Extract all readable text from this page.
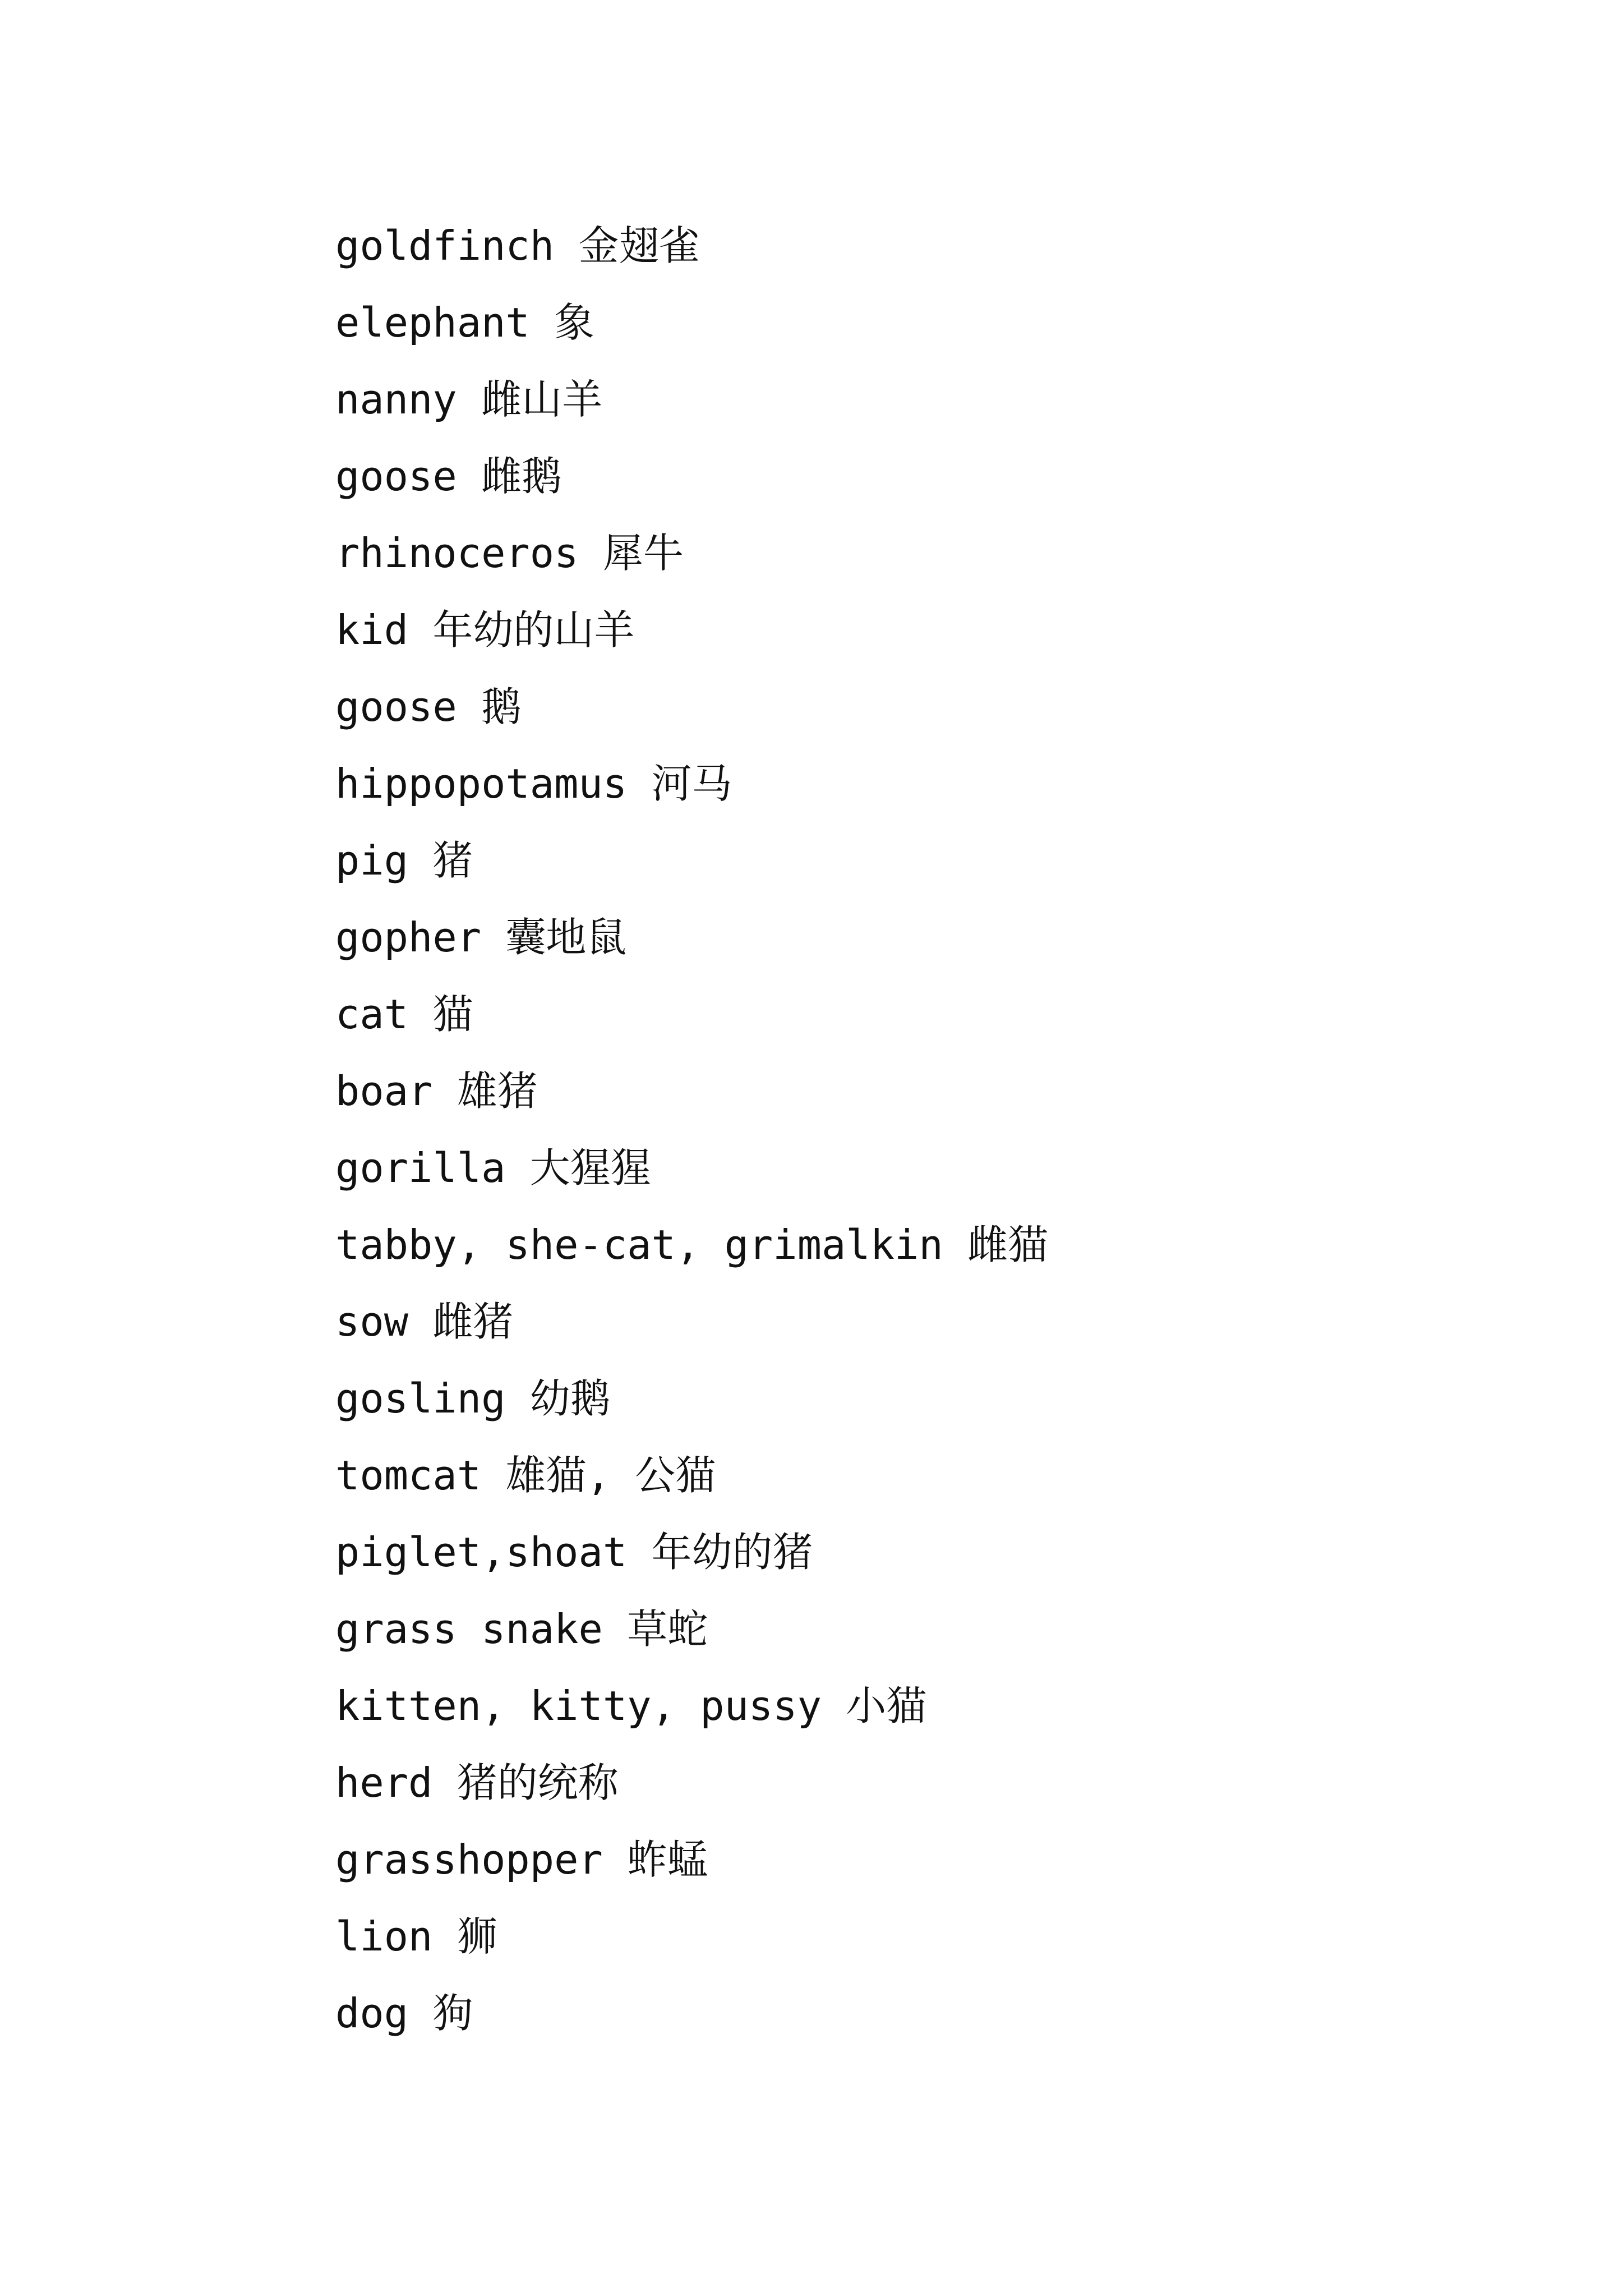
goldfinch 金翅雀
elephant 象
nanny 雌山羊
goose 雌鹅
rhinoceros 犀牛
kid 年幼的山羊
goose 鹅
hippopotamus 河马
pig 猪
gopher 囊地鼠
cat 猫
boar 雄猪
gorilla 大猩猩
tabby, she-cat, grimalkin 雌猫
sow 雌猪
gosling 幼鹅
tomcat 雄猫, 公猫
piglet,shoat 年幼的猪
grass snake 草蛇
kitten, kitty, pussy 小猫
herd 猪的统称
grasshopper 蚱蜢
lion 狮
dog 狗
